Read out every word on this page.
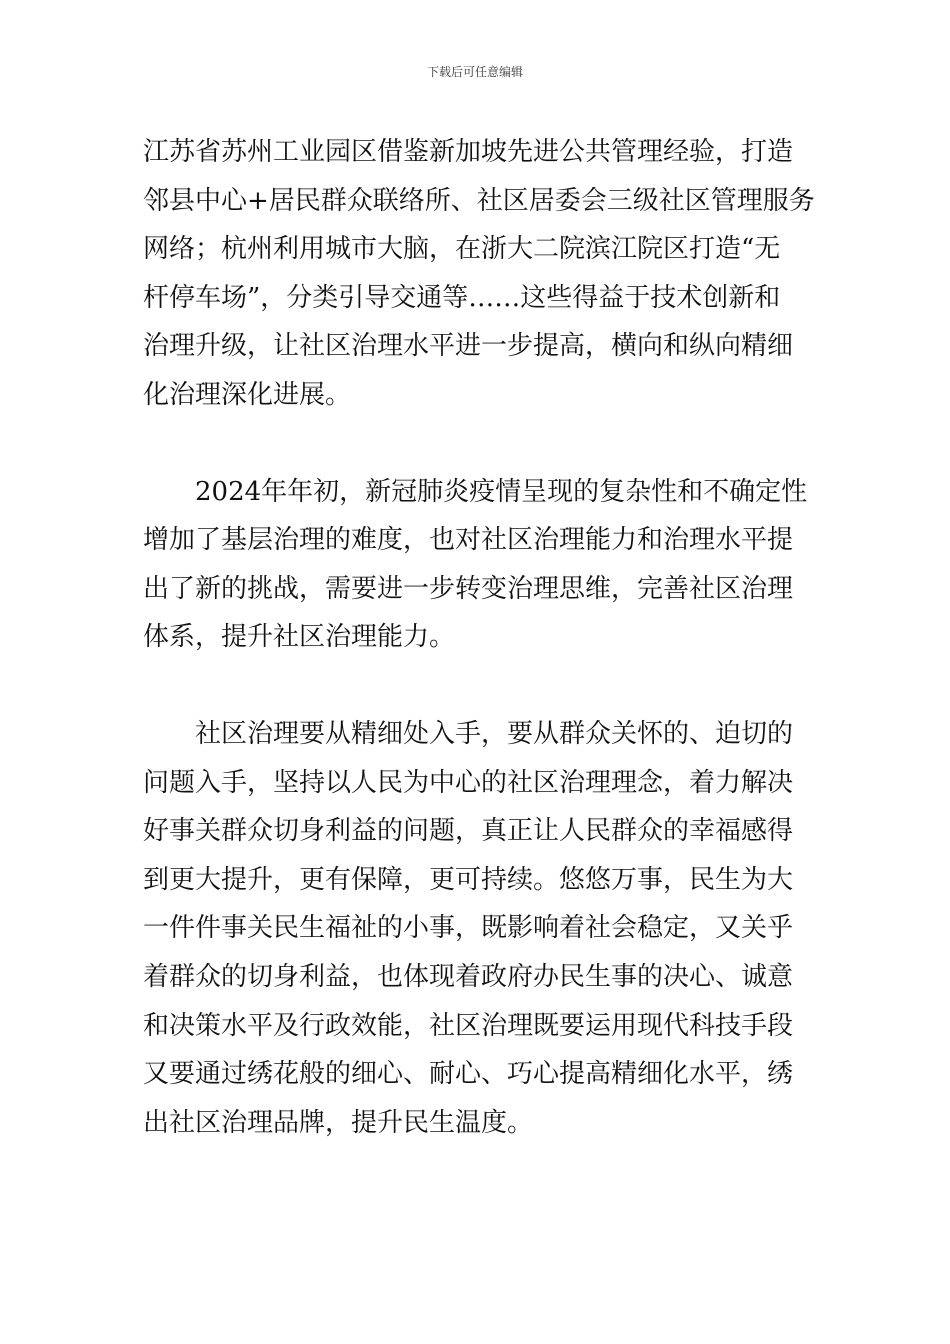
下载后可任意编辑

江苏省苏州工业园区借鉴新加坡先进公共管理经验，打造
邻县中心+居民群众联络所、社区居委会三级社区管理服务
网络；杭州利用城市大脑，在浙大二院滨江院区打造“无
杆停车场”，分类引导交通等……这些得益于技术创新和
治理升级，让社区治理水平进一步提高，横向和纵向精细
化治理深化进展。

2024年年初，新冠肺炎疫情呈现的复杂性和不确定性
增加了基层治理的难度，也对社区治理能力和治理水平提
出了新的挑战，需要进一步转变治理思维，完善社区治理
体系，提升社区治理能力。

社区治理要从精细处入手，要从群众关怀的、迫切的
问题入手，坚持以人民为中心的社区治理理念，着力解决
好事关群众切身利益的问题，真正让人民群众的幸福感得
到更大提升，更有保障，更可持续。悠悠万事，民生为大
一件件事关民生福祉的小事，既影响着社会稳定，又关乎
着群众的切身利益，也体现着政府办民生事的决心、诚意
和决策水平及行政效能，社区治理既要运用现代科技手段
又要通过绣花般的细心、耐心、巧心提高精细化水平，绣
出社区治理品牌，提升民生温度。
